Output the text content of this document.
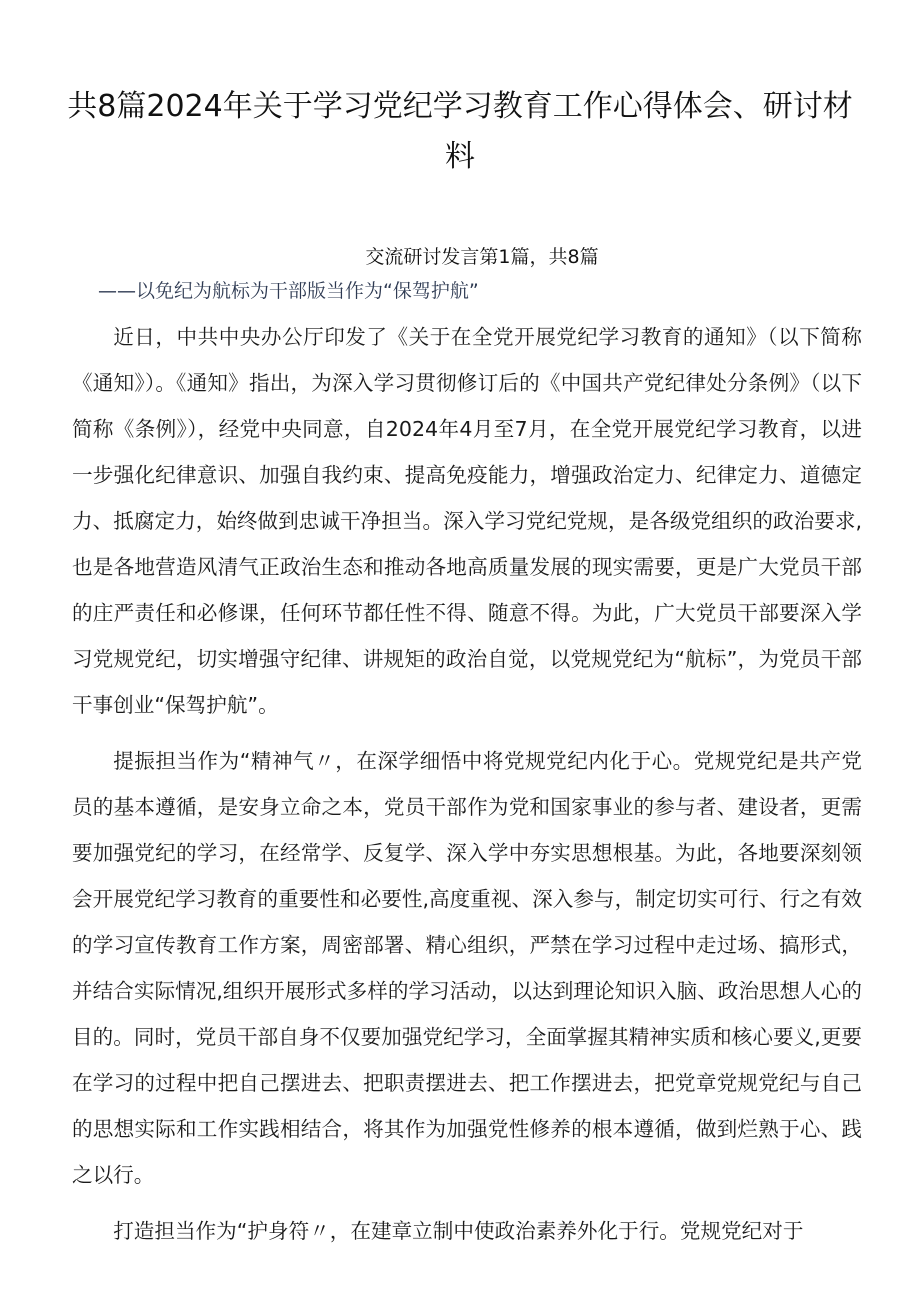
共8篇2024年关于学习党纪学习教育工作心得体会、研讨材料

交流研讨发言第1篇，共8篇

——以免纪为航标为干部版当作为“保驾护航”

近日，中共中央办公厅印发了《关于在全党开展党纪学习教育的通知》（以下简称《通知》）。《通知》指出，为深入学习贯彻修订后的《中国共产党纪律处分条例》（以下简称《条例》），经党中央同意，自2024年4月至7月，在全党开展党纪学习教育，以进一步强化纪律意识、加强自我约束、提高免疫能力，增强政治定力、纪律定力、道德定力、抵腐定力，始终做到忠诚干净担当。深入学习党纪党规，是各级党组织的政治要求,也是各地营造风清气正政治生态和推动各地高质量发展的现实需要，更是广大党员干部的庄严责任和必修课，任何环节都任性不得、随意不得。为此，广大党员干部要深入学习党规党纪，切实增强守纪律、讲规矩的政治自觉，以党规党纪为“航标”，为党员干部干事创业“保驾护航”。

提振担当作为“精神气〃，在深学细悟中将党规党纪内化于心。党规党纪是共产党员的基本遵循，是安身立命之本，党员干部作为党和国家事业的参与者、建设者，更需要加强党纪的学习，在经常学、反复学、深入学中夯实思想根基。为此，各地要深刻领会开展党纪学习教育的重要性和必要性,高度重视、深入参与，制定切实可行、行之有效的学习宣传教育工作方案，周密部署、精心组织，严禁在学习过程中走过场、搞形式，并结合实际情况,组织开展形式多样的学习活动，以达到理论知识入脑、政治思想人心的目的。同时，党员干部自身不仅要加强党纪学习，全面掌握其精神实质和核心要义,更要在学习的过程中把自己摆进去、把职责摆进去、把工作摆进去，把党章党规党纪与自己的思想实际和工作实践相结合，将其作为加强党性修养的根本遵循，做到烂熟于心、践之以行。

打造担当作为“护身符〃，在建章立制中使政治素养外化于行。党规党纪对于
